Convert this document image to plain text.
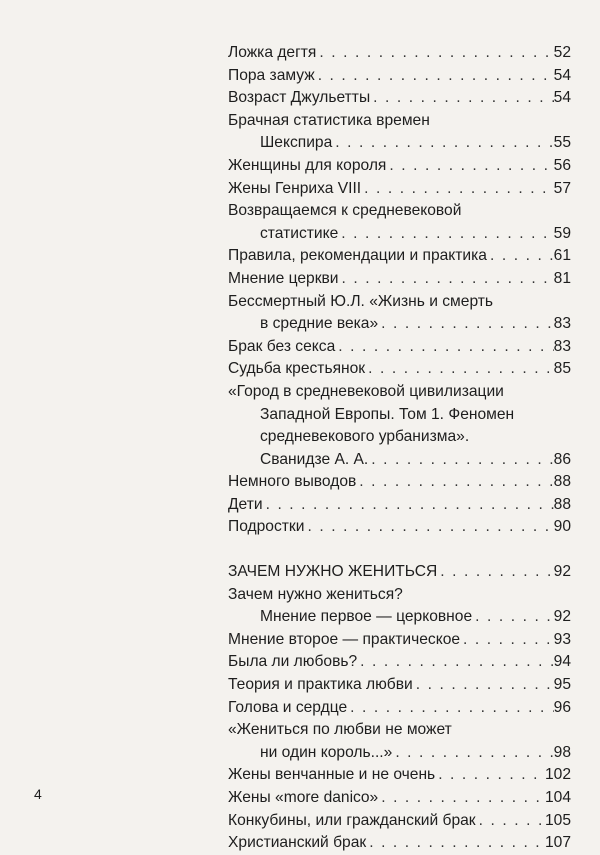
Ложка дегтя . . .	52
Пора замуж . . .	54
Возраст Джульетты . . .	54
Брачная статистика времен
Шекспира . . .	55
Женщины для короля . . .	56
Жены Генриха VIII . . .	57
Возвращаемся к средневековой
статистике . . .	59
Правила, рекомендации и практика . . .	61
Мнение церкви . . .	81
Бессмертный Ю.Л. «Жизнь и смерть
в средние века» . . .	83
Брак без секса . . .	83
Судьба крестьянок . . .	85
«Город в средневековой цивилизации
Западной Европы. Том 1. Феномен
средневекового урбанизма».
Сванидзе А. А. . . .	86
Немного выводов . . .	88
Дети . . .	88
Подростки . . .	90
ЗАЧЕМ НУЖНО ЖЕНИТЬСЯ . . .	92
Зачем нужно жениться?
Мнение первое — церковное . . .	92
Мнение второе — практическое . . .	93
Была ли любовь? . . .	94
Теория и практика любви . . .	95
Голова и сердце . . .	96
«Жениться по любви не может
ни один король...» . . .	98
Жены венчанные и не очень . . .	102
Жены «more danico» . . .	104
Конкубины, или гражданский брак . . .	105
Христианский брак . . .	107
4
